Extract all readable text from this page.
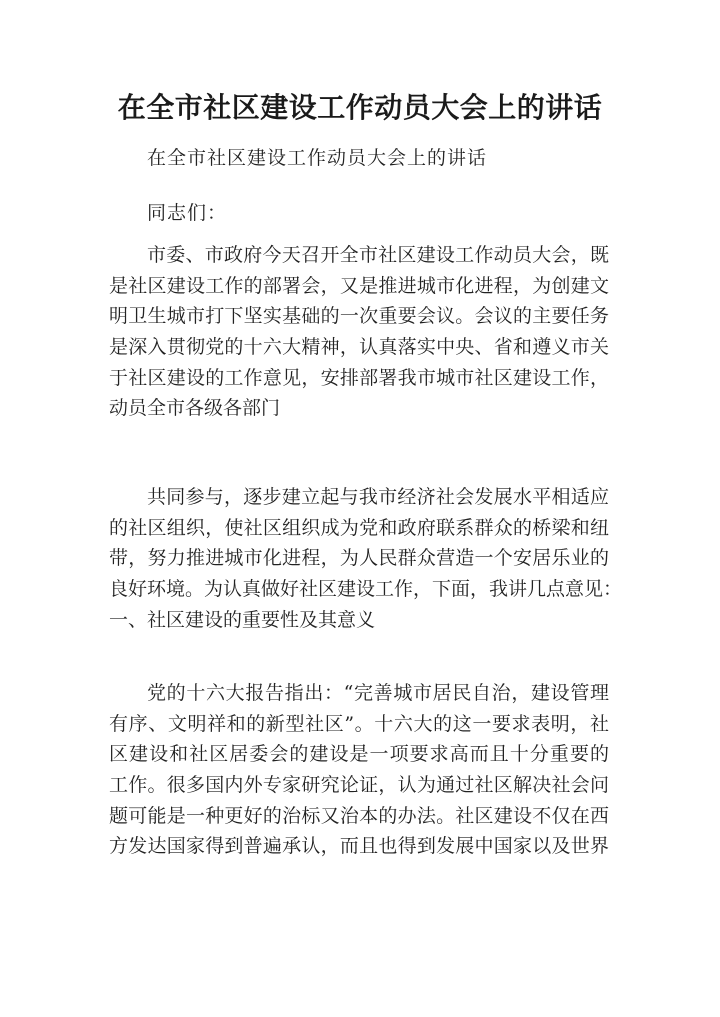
在全市社区建设工作动员大会上的讲话

在全市社区建设工作动员大会上的讲话

同志们：

市委、市政府今天召开全市社区建设工作动员大会，既
是社区建设工作的部署会，又是推进城市化进程，为创建文
明卫生城市打下坚实基础的一次重要会议。会议的主要任务
是深入贯彻党的十六大精神，认真落实中央、省和遵义市关
于社区建设的工作意见，安排部署我市城市社区建设工作，
动员全市各级各部门
共同参与，逐步建立起与我市经济社会发展水平相适应
的社区组织，使社区组织成为党和政府联系群众的桥梁和纽
带，努力推进城市化进程，为人民群众营造一个安居乐业的
良好环境。为认真做好社区建设工作，下面，我讲几点意见：
一、社区建设的重要性及其意义
党的十六大报告指出：“完善城市居民自治，建设管理
有序、文明祥和的新型社区”。十六大的这一要求表明，社
区建设和社区居委会的建设是一项要求高而且十分重要的
工作。很多国内外专家研究论证，认为通过社区解决社会问
题可能是一种更好的治标又治本的办法。社区建设不仅在西
方发达国家得到普遍承认，而且也得到发展中国家以及世界
